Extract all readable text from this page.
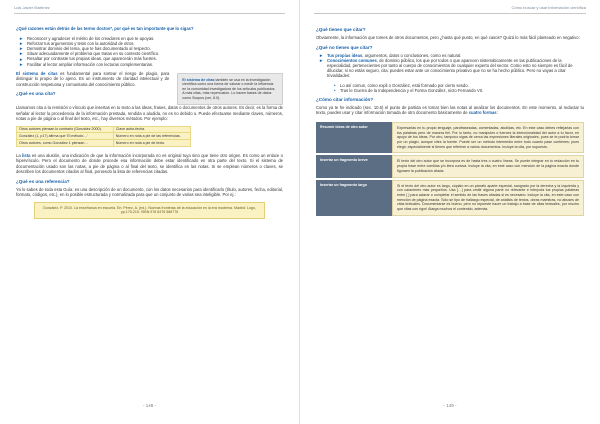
Luis Javier Martínez

¿Qué razones están detrás de las termo doctos*, por qué es tan importante que lo sigas?

► Reconocer y agradecer el mérito de los creadores en que te apoyas.
► Reforzar tus argumentos y tesis con la autoridad de otros.
► Demostrar dominio del tema, que te has documentado al respecto.
► Situar adecuadamente el problema que tratas en su contexto científico.
► Resaltar por contraste tus propias ideas, que aparecerán más fuertes.
► Facilitar al lector ampliar información con lecturas complementarias.

El sistema de citas es fundamental para sortear el riesgo de plagio, para distinguir lo propio de lo ajeno. Es un instrumento de claridad intelectual y de construcción respetuosa y comunitaria del conocimiento público.

¿Qué es una cita?
El sistema de citas también se usa en la investigación científica como una forma de valorar o medir la influencia en la comunidad investigadora de los artículos publicados. A más citas, más repercusión. Lo hacen bases de datos como Scopus (ver, 8.0).

Llamamos cita a la remisión o vínculo que insertas en tu texto a las ideas, frases, datos o documentos de otros autores. Es decir, es la forma de señalar al lector la procedencia de la información prestada, rendida o aludida, no es no debido o. Puede efectuarse mediante claves, números, notas a pie de página o al final del texto, etc., hay diversos métodos. Por ejemplo:

Otros autores piensan lo contrario (González 2000).	Clave autor-fecha.
González (1, p17) afirma que 'El método…'	Número en nota a pie de las referencias.
Otros autores, como González 1 piensan…	Número en nota a pie de texto.

La lista es una alusión, una indicación de que la información incorporada no es original tuya sino que tiene otro origen. Es como un enlace o hipervínculo. Pero el documento de donde procede esa información debe estar identificado en otra parte del texto. Si el sistema de documentación usado son las notas, a pie de página o al final del texto, se identifica en las notas. Si se emplean números o claves, se describen los documentos citados al final, poniendo la lista de referencias citadas.

¿Qué es una referencia?

Ya lo sabes de toda esta Guía: es una descripción de un documento, con los datos necesarios para identificarlo (título, autores, fecha, editorial, formato, códigos, etc.), en lo posible estructurada y normalizada para que un conjunto de varias sea inteligible. Por ej.:

González, P. 2010. La enseñanza en escuela. En: Pérez, A. (ed.). Nuevas fronteras de la educación en la era moderna. Madrid: Lugo, pp.175-215. ISBN 978 8476 588776
- 148 -
Cómo buscar y usar información científica
¿Qué tienes que citar?

Obviamente, la información que tomes de otros documentos, pero ¿hasta qué punto, en qué casos? Quizá lo más fácil planteado en negativo:

¿Qué no tienes que citar?
► Tus propias ideas, argumentos, datos o conclusiones, como es natural.
► Conocimientos comunes, de dominio público, los que por todos o que aparecen sistemáticamente en las publicaciones de la especialidad, pertenecientes por tanto al cuerpo de conocimientos de cualquier experto del sector. Como esto no siempre es fácil de dilucidar, si no estás seguro, cita: puedes estar ante un conocimiento privativo que no se ha hecho público. Pero no vayas a citar trivialidades:
• Lo así comun, como expli o González, está formado por cierto sesdo.
• Tras le Guerra de la Independencia y el Forma González, nicto Fernando VII.
¿Cómo citar información?

Como ya te he indicado (sec. 10.6) el punto de partida es tomar bien las notas al analizar los documentos. En este momento, al redactar tu texto, puedes usar y citar información tomada de otro documento básicamente de cuatro formas:

Resumir ideas de otro autor	Expresarlas en tu propio lenguaje, parafraseadas, comentadas, aludidas, etc. En este caso debes reflejarlas con tus palabras pero de manera fiel. Por lo tanto, no manipules o fuerces la intencionalidad del autor a tu favor, en apoyo de tus ideas. Por otro, tampoco sigas de cerca las expresiones literales originales, pues se te podría tomar por un plagio, aunque cites la fuente. Puede ser un método intermedio entre todo cuanto pase contienes; pues elegir, especialmente si tienes que referirse a varios documentos. Incluye la cita, por supuesto.
Insertar un fragmento breve	El texto del otro autor que se incorpora es de hasta tres o cuatro líneas. Se puede integrar en tu redacción en tu propia frase entre comillas y/o letra cursiva. Incluye la cita, en este caso con mención de la página exacta donde figuraen la publicación citada.
Insertar un fragmento largo	Si el texto del otro autor es largo, cópialo en un párrafo aparte especial, sangrado por la derecha y la izquierda y con caracteres más pequeños. Usa […] para omitir alguna parte no relevante e interpola tus propias palabras entre [ ] para aclarar o completar el sentido de las frases citadas si es necesario. Incluye la cita, en este caso con mención de página exacta. Sólo se tipo de hallazgo especial, de análisis de textos, obras maestras, no abuses de citas textuales. Documentarse es bueno, pero no repueste hacer un trabajo a base de citas textuales, por mucho que citas con rigor! Alarga muchos el contenido, además.
- 149 -
